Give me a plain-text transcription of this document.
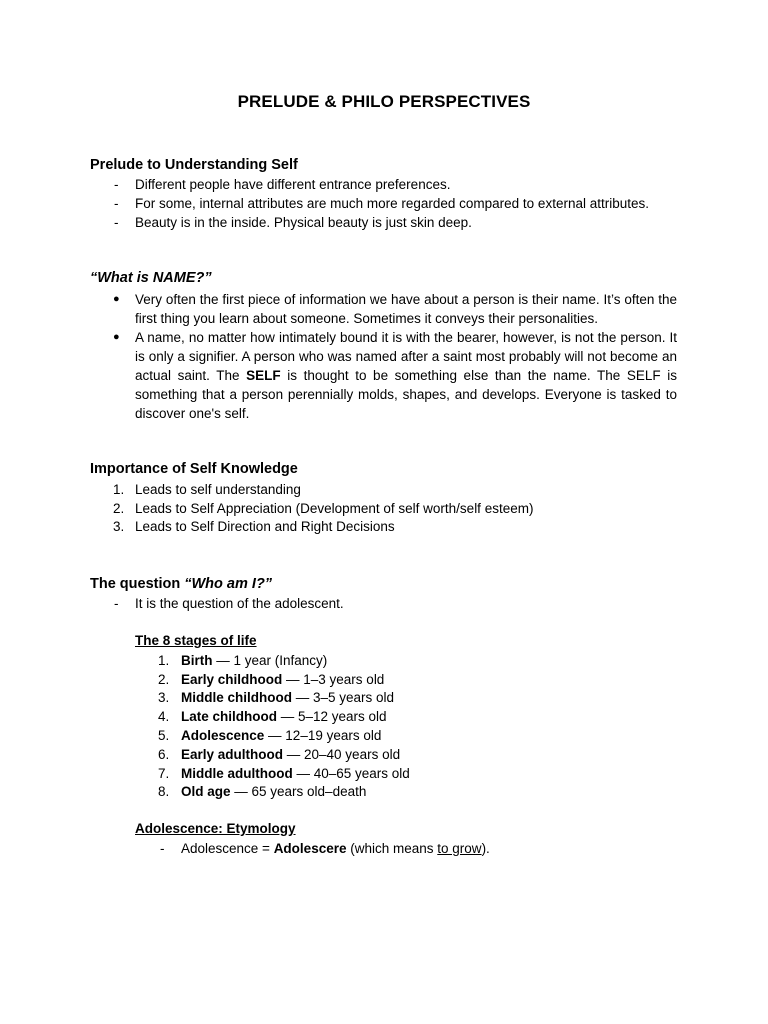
PRELUDE & PHILO PERSPECTIVES
Prelude to Understanding Self
- Different people have different entrance preferences.
- For some, internal attributes are much more regarded compared to external attributes.
- Beauty is in the inside. Physical beauty is just skin deep.
“What is NAME?”
● Very often the first piece of information we have about a person is their name. It’s often the first thing you learn about someone. Sometimes it conveys their personalities.
● A name, no matter how intimately bound it is with the bearer, however, is not the person. It is only a signifier. A person who was named after a saint most probably will not become an actual saint. The SELF is thought to be something else than the name. The SELF is something that a person perennially molds, shapes, and develops. Everyone is tasked to discover one's self.
Importance of Self Knowledge
1. Leads to self understanding
2. Leads to Self Appreciation (Development of self worth/self esteem)
3. Leads to Self Direction and Right Decisions
The question “Who am I?”
- It is the question of the adolescent.
The 8 stages of life
1. Birth — 1 year (Infancy)
2. Early childhood — 1–3 years old
3. Middle childhood — 3–5 years old
4. Late childhood — 5–12 years old
5. Adolescence — 12–19 years old
6. Early adulthood — 20–40 years old
7. Middle adulthood — 40–65 years old
8. Old age — 65 years old–death
Adolescence: Etymology
- Adolescence = Adolescere (which means to grow).
